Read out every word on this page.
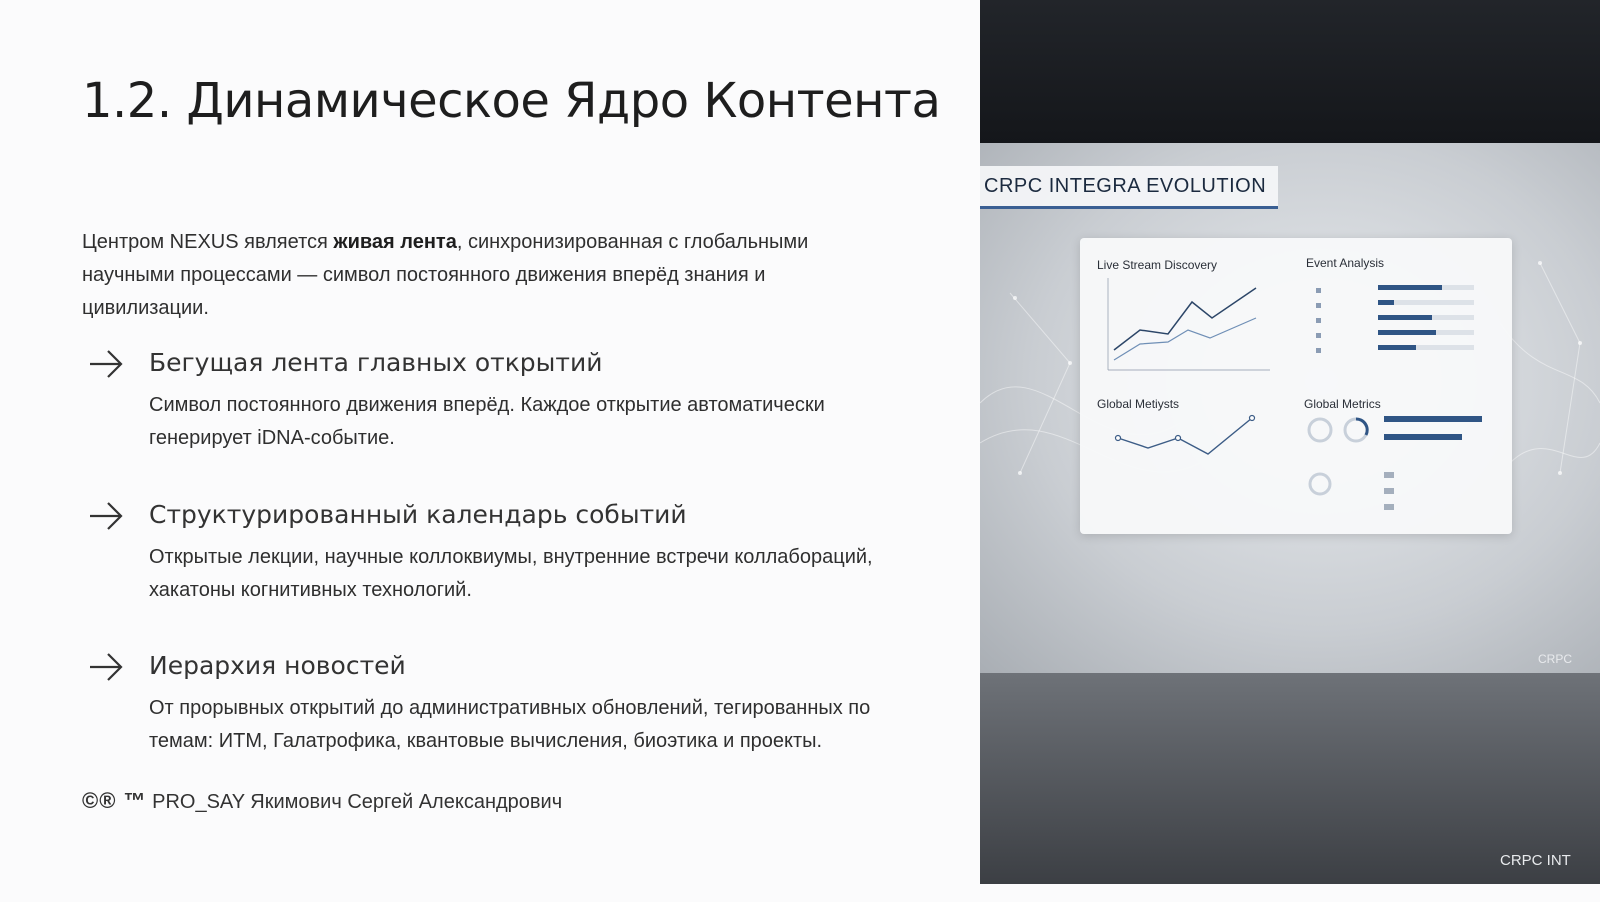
1.2. Динамическое Ядро Контента

Центром NEXUS является живая лента, синхронизированная с глобальными научными процессами — символ постоянного движения вперёд знания и цивилизации.

Бегущая лента главных открытий

Символ постоянного движения вперёд. Каждое открытие автоматически генерирует iDNA-событие.

Структурированный календарь событий

Открытые лекции, научные коллоквиумы, внутренние встречи коллабораций, хакатоны когнитивных технологий.

Иерархия новостей

От прорывных открытий до административных обновлений, тегированных по темам: ИТМ, Галатрофика, квантовые вычисления, биоэтика и проекты.

©® ™ PRO_SAY Якимович Сергей Александрович

CRPC INTEGRA EVOLUTION
Live Stream Discovery	Event Analysis
Global Metiysts	Global Metrics
CRPC
CRPC INT
